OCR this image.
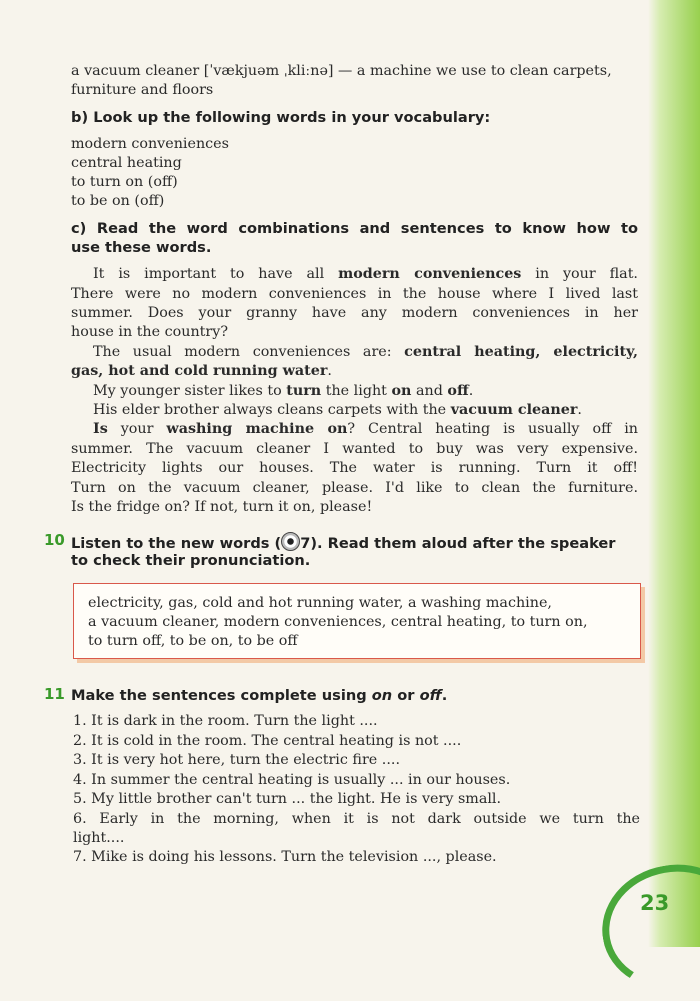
a vacuum cleaner [ˈvækjuəm ˌkliːnə] — a machine we use to clean carpets,
furniture and floors
b) Look up the following words in your vocabulary:
modern conveniences
central heating
to turn on (off)
to be on (off)
c) Read the word combinations and sentences to know how to
use these words.
It is important to have all modern conveniences in your flat.
There were no modern conveniences in the house where I lived last
summer. Does your granny have any modern conveniences in her
house in the country?
The usual modern conveniences are: central heating, electricity,
gas, hot and cold running water.
My younger sister likes to turn the light on and off.
His elder brother always cleans carpets with the vacuum cleaner.
Is your washing machine on? Central heating is usually off in
summer. The vacuum cleaner I wanted to buy was very expensive.
Electricity lights our houses. The water is running. Turn it off!
Turn on the vacuum cleaner, please. I'd like to clean the furniture.
Is the fridge on? If not, turn it on, please!
10 Listen to the new words ( 7). Read them aloud after the speaker
to check their pronunciation.
electricity, gas, cold and hot running water, a washing machine,
a vacuum cleaner, modern conveniences, central heating, to turn on,
to turn off, to be on, to be off
11 Make the sentences complete using on or off.
1. It is dark in the room. Turn the light ....
2. It is cold in the room. The central heating is not ....
3. It is very hot here, turn the electric fire ....
4. In summer the central heating is usually ... in our houses.
5. My little brother can't turn ... the light. He is very small.
6. Early in the morning, when it is not dark outside we turn the
light....
7. Mike is doing his lessons. Turn the television ..., please.
23
